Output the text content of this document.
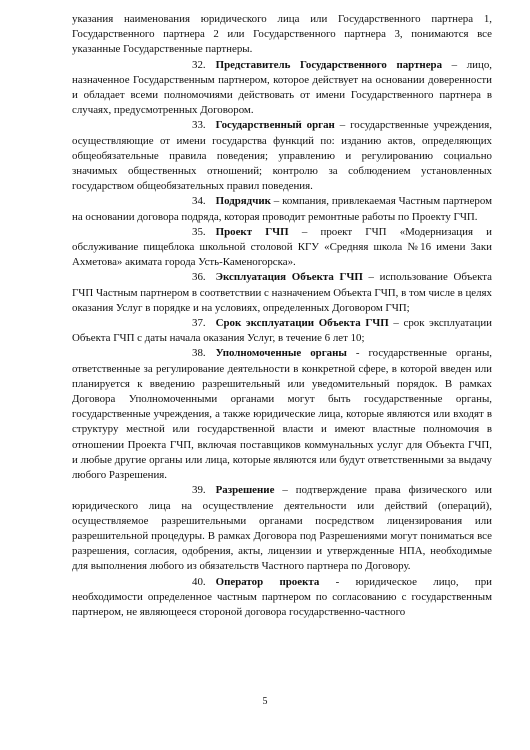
указания наименования юридического лица или Государственного партнера 1, Государственного партнера 2 или Государственного партнера 3, понимаются все указанные Государственные партнеры.

32. Представитель Государственного партнера – лицо, назначенное Государственным партнером, которое действует на основании доверенности и обладает всеми полномочиями действовать от имени Государственного партнера в случаях, предусмотренных Договором.

33. Государственный орган – государственные учреждения, осуществляющие от имени государства функций по: изданию актов, определяющих общеобязательные правила поведения; управлению и регулированию социально значимых общественных отношений; контролю за соблюдением установленных государством общеобязательных правил поведения.

34. Подрядчик – компания, привлекаемая Частным партнером на основании договора подряда, которая проводит ремонтные работы по Проекту ГЧП.

35. Проект ГЧП – проект ГЧП «Модернизация и обслуживание пищеблока школьной столовой КГУ «Средняя школа №16 имени Заки Ахметова» акимата города Усть-Каменогорска».

36. Эксплуатация Объекта ГЧП – использование Объекта ГЧП Частным партнером в соответствии с назначением Объекта ГЧП, в том числе в целях оказания Услуг в порядке и на условиях, определенных Договором ГЧП;

37. Срок эксплуатации Объекта ГЧП – срок эксплуатации Объекта ГЧП с даты начала оказания Услуг, в течение 6 лет 10;

38. Уполномоченные органы - государственные органы, ответственные за регулирование деятельности в конкретной сфере, в которой введен или планируется к введению разрешительный или уведомительный порядок. В рамках Договора Уполномоченными органами могут быть государственные органы, государственные учреждения, а также юридические лица, которые являются или входят в структуру местной или государственной власти и имеют властные полномочия в отношении Проекта ГЧП, включая поставщиков коммунальных услуг для Объекта ГЧП, и любые другие органы или лица, которые являются или будут ответственными за выдачу любого Разрешения.

39. Разрешение – подтверждение права физического или юридического лица на осуществление деятельности или действий (операций), осуществляемое разрешительными органами посредством лицензирования или разрешительной процедуры. В рамках Договора под Разрешениями могут пониматься все разрешения, согласия, одобрения, акты, лицензии и утвержденные НПА, необходимые для выполнения любого из обязательств Частного партнера по Договору.

40. Оператор проекта - юридическое лицо, при необходимости определенное частным партнером по согласованию с государственным партнером, не являющееся стороной договора государственно-частного

5
